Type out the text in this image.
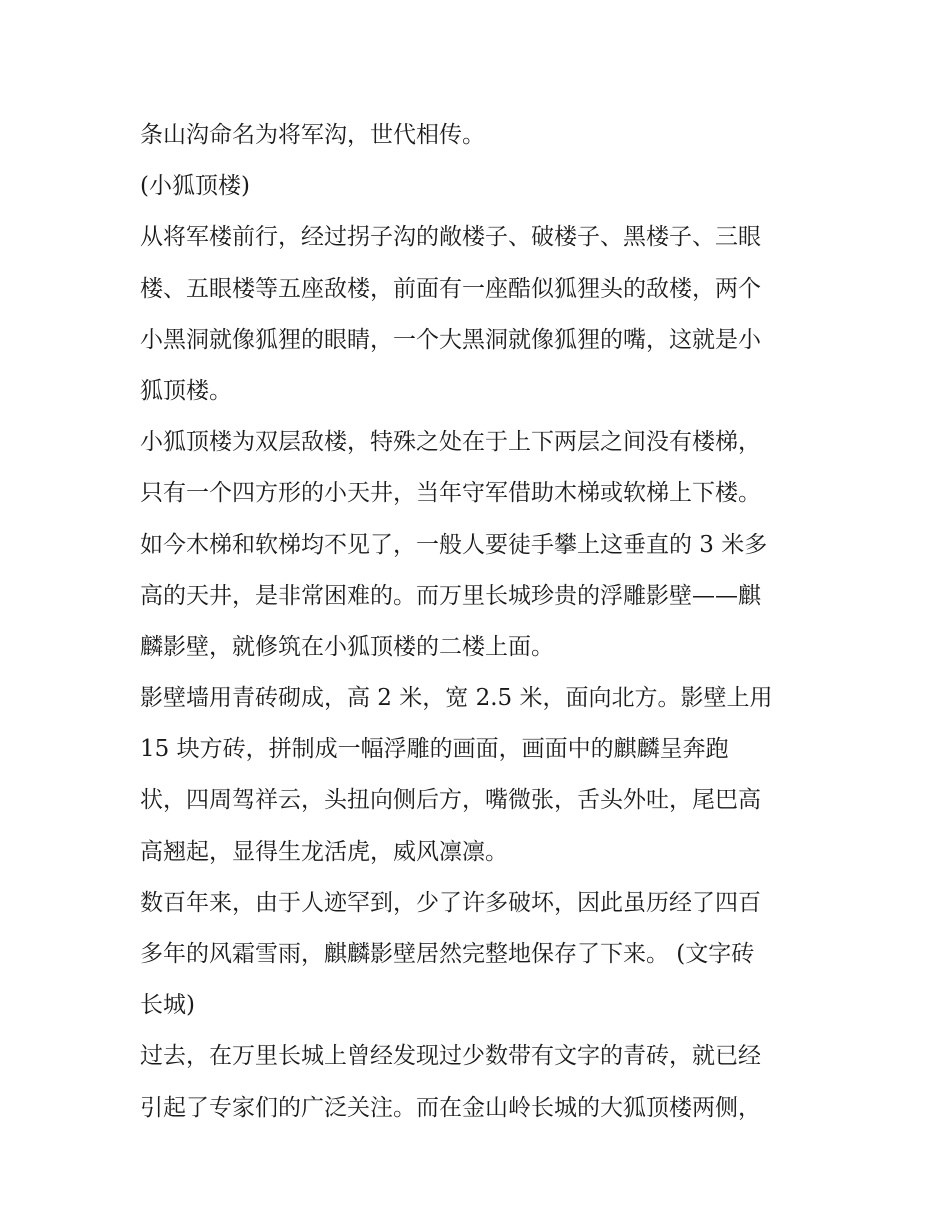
条山沟命名为将军沟，世代相传。
(小狐顶楼)
从将军楼前行，经过拐子沟的敞楼子、破楼子、黑楼子、三眼
楼、五眼楼等五座敌楼，前面有一座酷似狐狸头的敌楼，两个
小黑洞就像狐狸的眼睛，一个大黑洞就像狐狸的嘴，这就是小
狐顶楼。
小狐顶楼为双层敌楼，特殊之处在于上下两层之间没有楼梯，
只有一个四方形的小天井，当年守军借助木梯或软梯上下楼。
如今木梯和软梯均不见了，一般人要徒手攀上这垂直的 3 米多
高的天井，是非常困难的。而万里长城珍贵的浮雕影壁——麒
麟影壁，就修筑在小狐顶楼的二楼上面。
影壁墙用青砖砌成，高 2 米，宽 2.5 米，面向北方。影壁上用
15 块方砖，拼制成一幅浮雕的画面，画面中的麒麟呈奔跑
状，四周驾祥云，头扭向侧后方，嘴微张，舌头外吐，尾巴高
高翘起，显得生龙活虎，威风凛凛。
数百年来，由于人迹罕到，少了许多破坏，因此虽历经了四百
多年的风霜雪雨，麒麟影壁居然完整地保存了下来。 (文字砖
长城)
过去，在万里长城上曾经发现过少数带有文字的青砖，就已经
引起了专家们的广泛关注。而在金山岭长城的大狐顶楼两侧，
